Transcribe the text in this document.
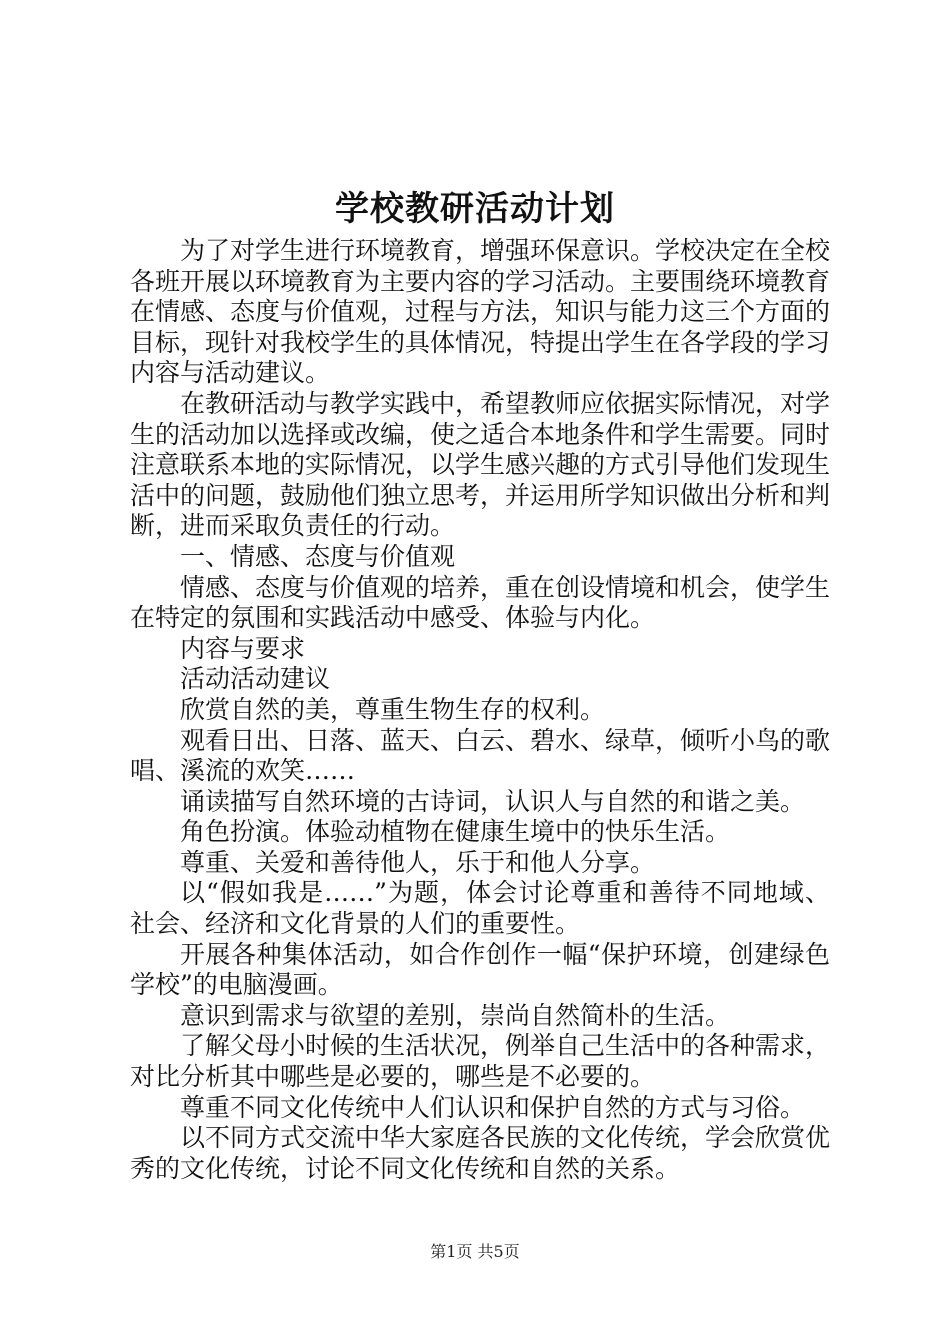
学校教研活动计划

为了对学生进行环境教育，增强环保意识。学校决定在全校各班开展以环境教育为主要内容的学习活动。主要围绕环境教育在情感、态度与价值观，过程与方法，知识与能力这三个方面的目标，现针对我校学生的具体情况，特提出学生在各学段的学习内容与活动建议。

在教研活动与教学实践中，希望教师应依据实际情况，对学生的活动加以选择或改编，使之适合本地条件和学生需要。同时注意联系本地的实际情况，以学生感兴趣的方式引导他们发现生活中的问题，鼓励他们独立思考，并运用所学知识做出分析和判断，进而采取负责任的行动。

一、情感、态度与价值观

情感、态度与价值观的培养，重在创设情境和机会，使学生在特定的氛围和实践活动中感受、体验与内化。

内容与要求

活动活动建议

欣赏自然的美，尊重生物生存的权利。

观看日出、日落、蓝天、白云、碧水、绿草，倾听小鸟的歌唱、溪流的欢笑……

诵读描写自然环境的古诗词，认识人与自然的和谐之美。

角色扮演。体验动植物在健康生境中的快乐生活。

尊重、关爱和善待他人，乐于和他人分享。

以“假如我是……”为题，体会讨论尊重和善待不同地域、社会、经济和文化背景的人们的重要性。

开展各种集体活动，如合作创作一幅“保护环境，创建绿色学校”的电脑漫画。

意识到需求与欲望的差别，崇尚自然简朴的生活。

了解父母小时候的生活状况，例举自己生活中的各种需求，对比分析其中哪些是必要的，哪些是不必要的。

尊重不同文化传统中人们认识和保护自然的方式与习俗。

以不同方式交流中华大家庭各民族的文化传统，学会欣赏优秀的文化传统，讨论不同文化传统和自然的关系。

第1页 共5页
